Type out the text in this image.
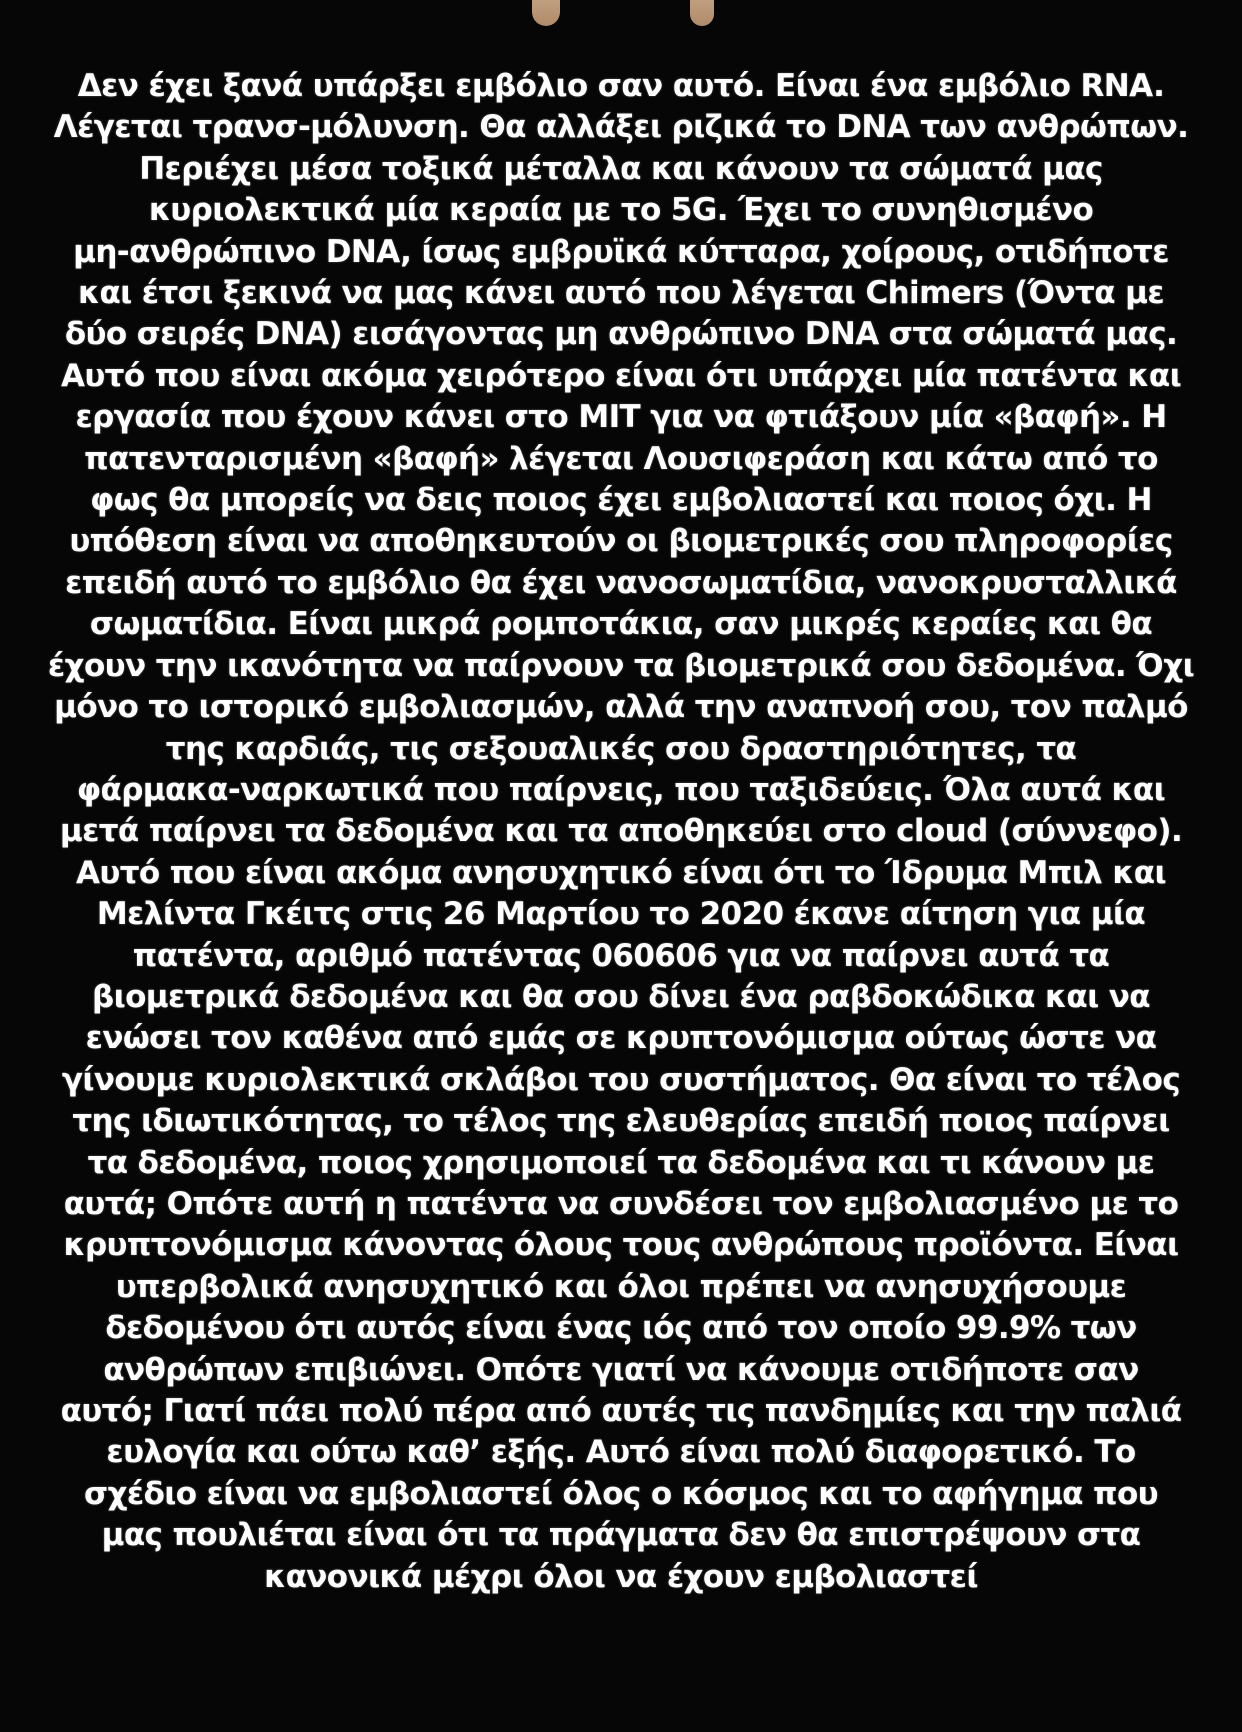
Δεν έχει ξανά υπάρξει εμβόλιο σαν αυτό. Είναι ένα εμβόλιο RNA.
Λέγεται τρανσ-μόλυνση. Θα αλλάξει ριζικά το DNA των ανθρώπων.
Περιέχει μέσα τοξικά μέταλλα και κάνουν τα σώματά μας
κυριολεκτικά μία κεραία με το 5G. Έχει το συνηθισμένο
μη-ανθρώπινο DNA, ίσως εμβρυϊκά κύτταρα, χοίρους, οτιδήποτε
και έτσι ξεκινά να μας κάνει αυτό που λέγεται Chimers (Όντα με
δύο σειρές DNA) εισάγοντας μη ανθρώπινο DNA στα σώματά μας.
Αυτό που είναι ακόμα χειρότερο είναι ότι υπάρχει μία πατέντα και
εργασία που έχουν κάνει στο MIT για να φτιάξουν μία «βαφή». Η
πατενταρισμένη «βαφή» λέγεται Λουσιφεράση και κάτω από το
φως θα μπορείς να δεις ποιος έχει εμβολιαστεί και ποιος όχι. Η
υπόθεση είναι να αποθηκευτούν οι βιομετρικές σου πληροφορίες
επειδή αυτό το εμβόλιο θα έχει νανοσωματίδια, νανοκρυσταλλικά
σωματίδια. Είναι μικρά ρομποτάκια, σαν μικρές κεραίες και θα
έχουν την ικανότητα να παίρνουν τα βιομετρικά σου δεδομένα. Όχι
μόνο το ιστορικό εμβολιασμών, αλλά την αναπνοή σου, τον παλμό
της καρδιάς, τις σεξουαλικές σου δραστηριότητες, τα
φάρμακα-ναρκωτικά που παίρνεις, που ταξιδεύεις. Όλα αυτά και
μετά παίρνει τα δεδομένα και τα αποθηκεύει στο cloud (σύννεφο).
Αυτό που είναι ακόμα ανησυχητικό είναι ότι το Ίδρυμα Μπιλ και
Μελίντα Γκέιτς στις 26 Μαρτίου το 2020 έκανε αίτηση για μία
πατέντα, αριθμό πατέντας 060606 για να παίρνει αυτά τα
βιομετρικά δεδομένα και θα σου δίνει ένα ραβδοκώδικα και να
ενώσει τον καθένα από εμάς σε κρυπτονόμισμα ούτως ώστε να
γίνουμε κυριολεκτικά σκλάβοι του συστήματος. Θα είναι το τέλος
της ιδιωτικότητας, το τέλος της ελευθερίας επειδή ποιος παίρνει
τα δεδομένα, ποιος χρησιμοποιεί τα δεδομένα και τι κάνουν με
αυτά; Οπότε αυτή η πατέντα να συνδέσει τον εμβολιασμένο με το
κρυπτονόμισμα κάνοντας όλους τους ανθρώπους προϊόντα. Είναι
υπερβολικά ανησυχητικό και όλοι πρέπει να ανησυχήσουμε
δεδομένου ότι αυτός είναι ένας ιός από τον οποίο 99.9% των
ανθρώπων επιβιώνει. Οπότε γιατί να κάνουμε οτιδήποτε σαν
αυτό; Γιατί πάει πολύ πέρα από αυτές τις πανδημίες και την παλιά
ευλογία και ούτω καθ’ εξής. Αυτό είναι πολύ διαφορετικό. Το
σχέδιο είναι να εμβολιαστεί όλος ο κόσμος και το αφήγημα που
μας πουλιέται είναι ότι τα πράγματα δεν θα επιστρέψουν στα
κανονικά μέχρι όλοι να έχουν εμβολιαστεί
